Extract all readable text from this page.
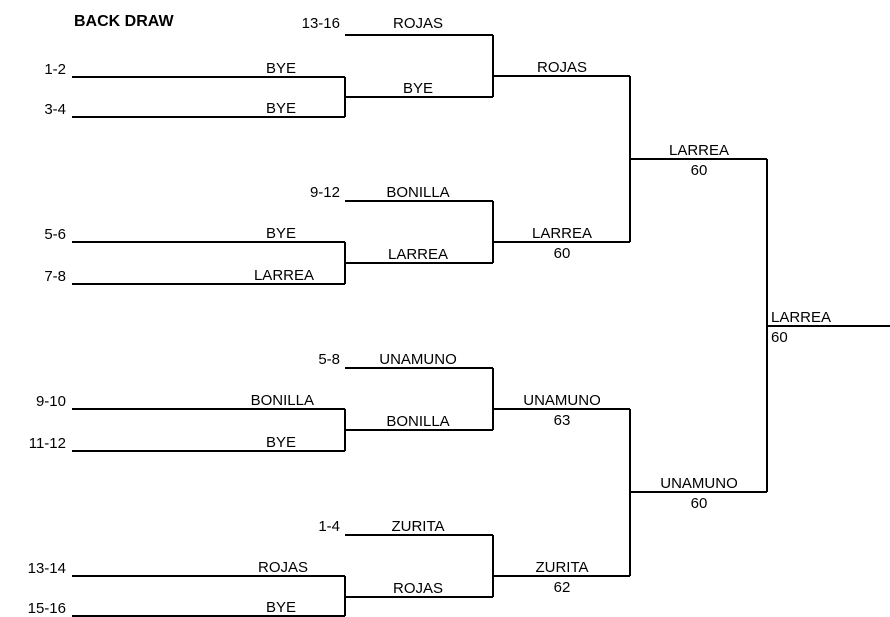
BACK DRAW	13-16
1-2
3-4
9-12
5-6
7-8
5-8
9-10
11-12
1-4
13-14
15-16
BYE
BYE
BYE
LARREA
BONILLA
BYE
ROJAS
BYE
ROJAS
BYE
BONILLA
LARREA
UNAMUNO
BONILLA
ZURITA
ROJAS
ROJAS
LARREA
60
UNAMUNO
63
ZURITA
62
LARREA
60
UNAMUNO
60
LARREA
60
